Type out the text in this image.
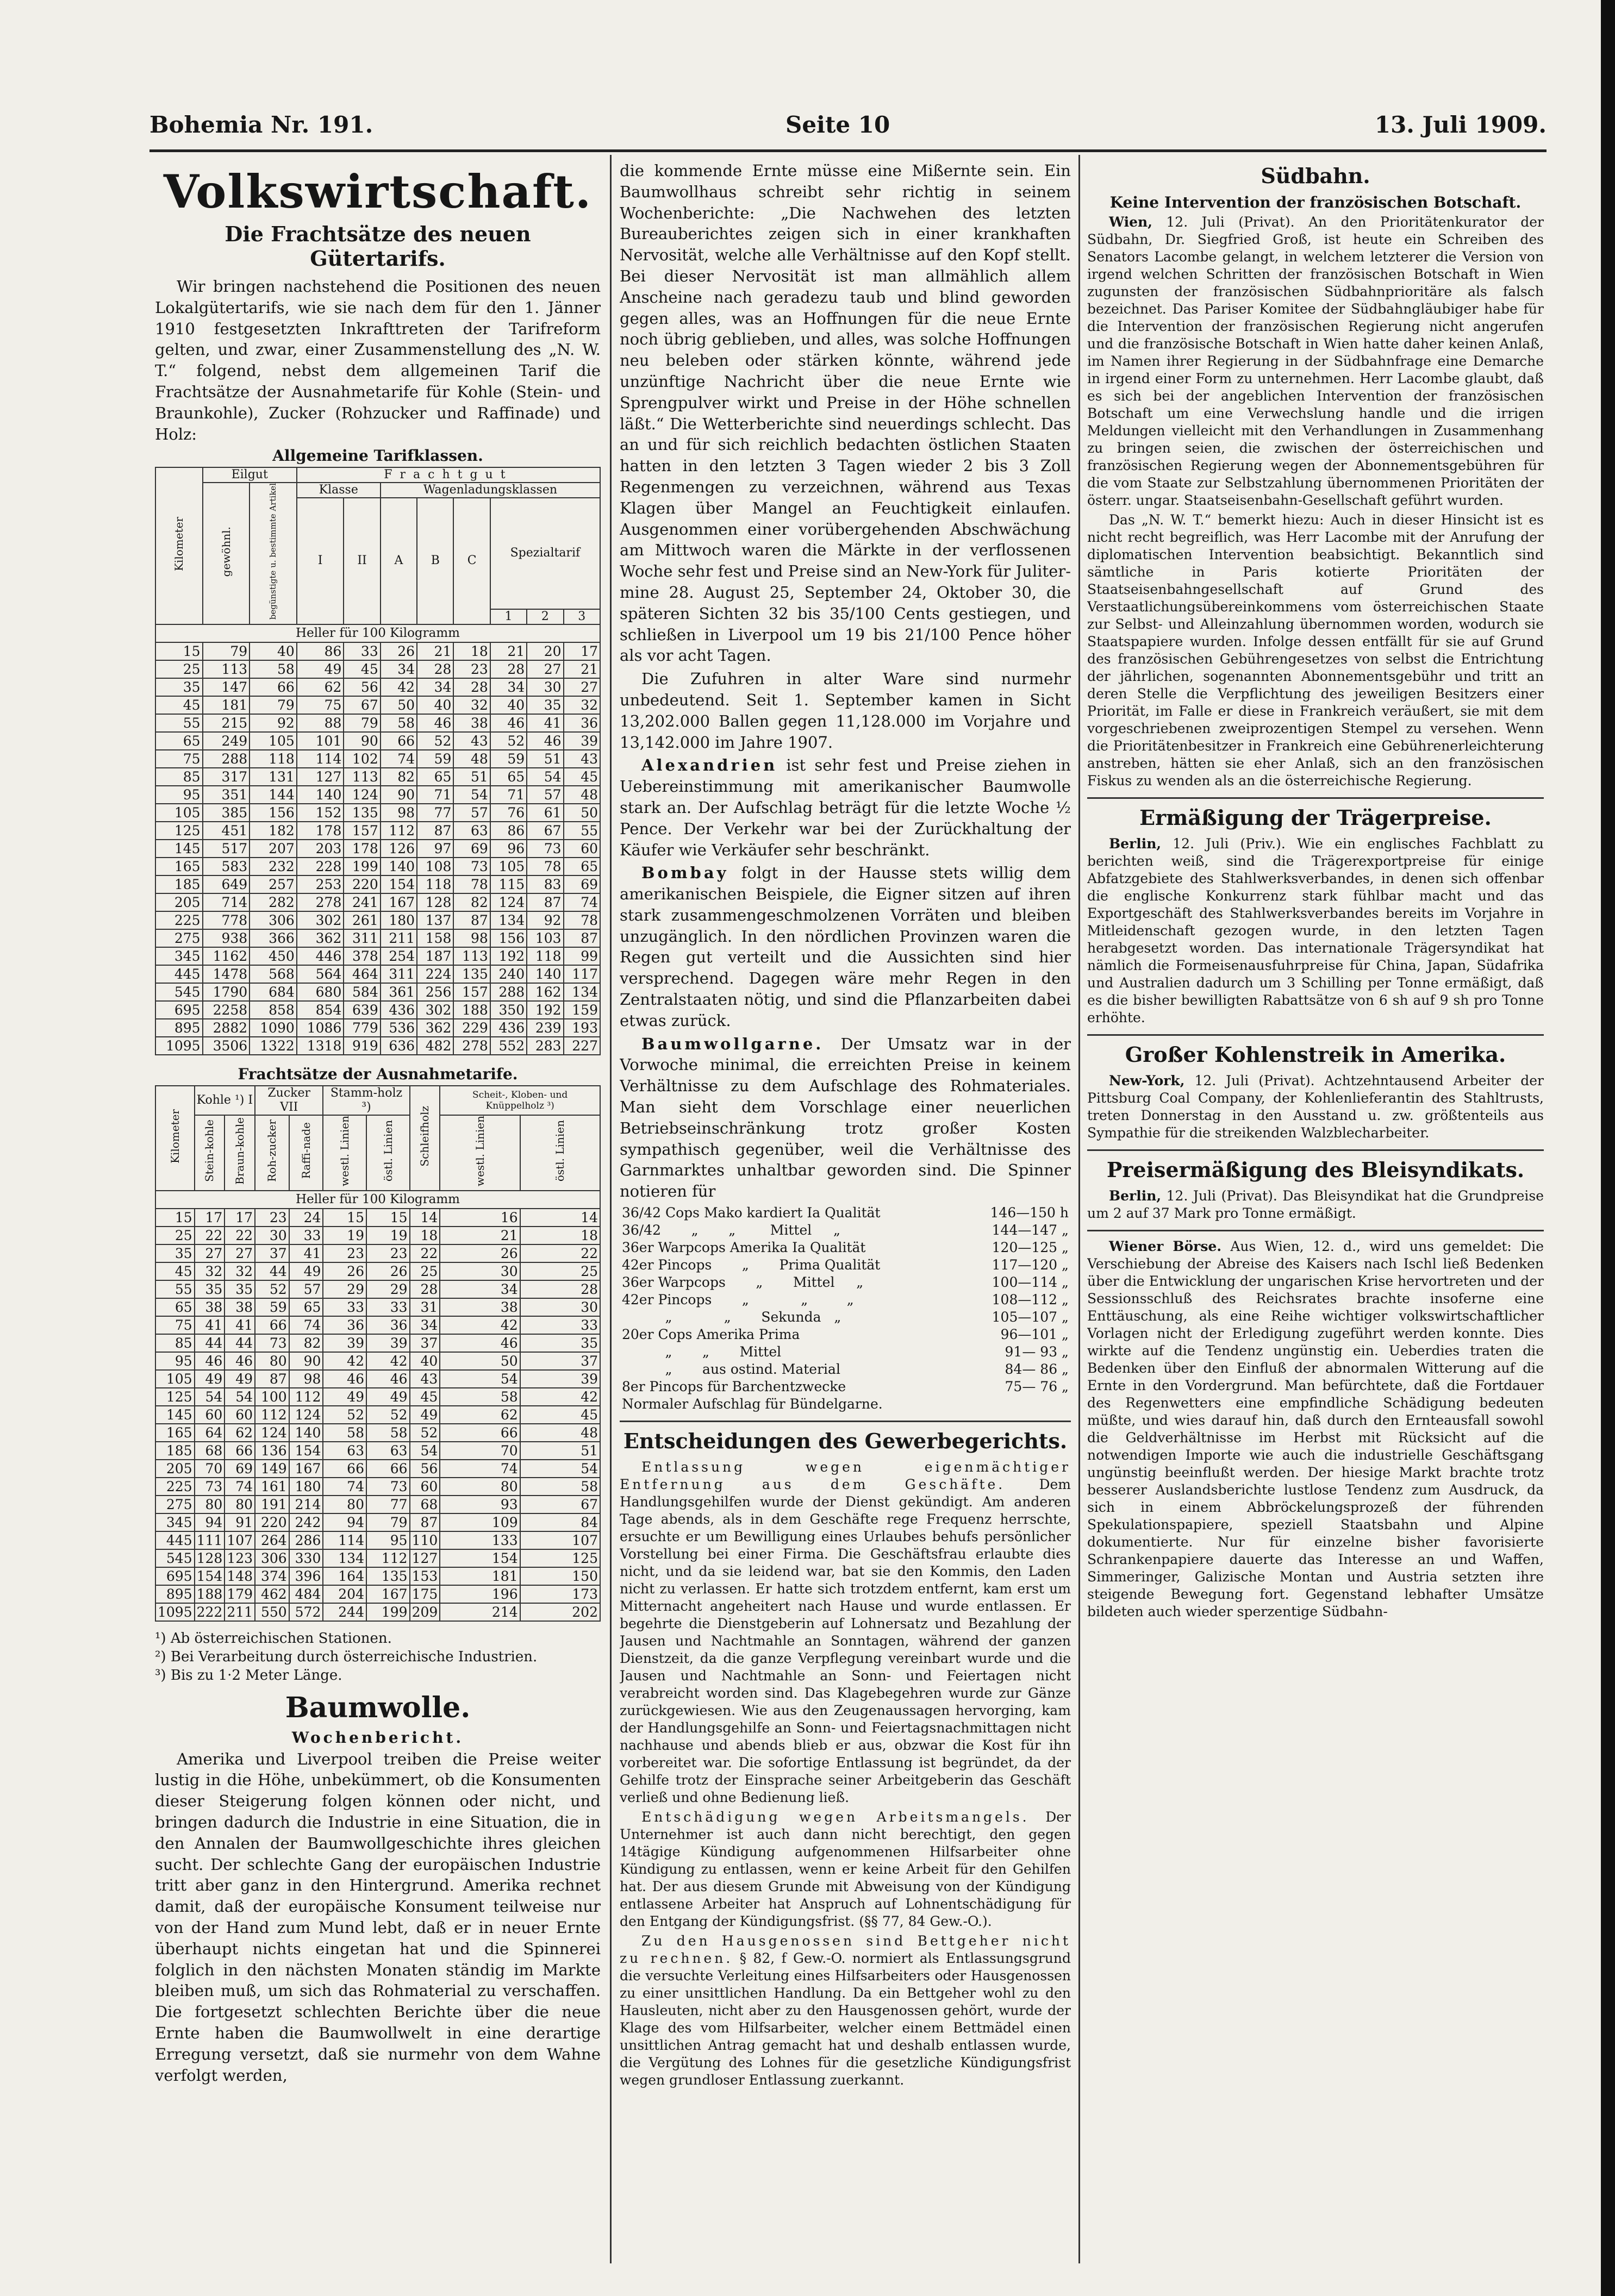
Bohemia Nr. 191.	Seite 10	13. Juli 1909.
Volkswirtschaft.
Die Frachtsätze des neuen Gütertarifs.

Wir bringen nachstehend die Positionen des neuen Lokalgütertarifs, wie sie nach dem für den 1. Jänner 1910 festgesetzten Inkrafttreten der Tarifreform gelten, und zwar, einer Zusammenstellung des „N. W. T.“ folgend, nebst dem allgemeinen Tarif die Frachtsätze der Ausnahmetarife für Kohle (Stein- und Braunkohle), Zucker (Rohzucker und Raffinade) und Holz:

Allgemeine Tarifklassen.
Kilometer	Eilgut		Frachtgut							
	gewöhnl.	begünstigte u. bestimmte Artikel	Klasse		Wagenladungsklassen					
			I	II	A	B	C	Spezialtarif		
								1	2	3
Heller für 100 Kilogramm										
15	79	40	86	33	26	21	18	21	20	17
25	113	58	49	45	34	28	23	28	27	21
35	147	66	62	56	42	34	28	34	30	27
45	181	79	75	67	50	40	32	40	35	32
55	215	92	88	79	58	46	38	46	41	36
65	249	105	101	90	66	52	43	52	46	39
75	288	118	114	102	74	59	48	59	51	43
85	317	131	127	113	82	65	51	65	54	45
95	351	144	140	124	90	71	54	71	57	48
105	385	156	152	135	98	77	57	76	61	50
125	451	182	178	157	112	87	63	86	67	55
145	517	207	203	178	126	97	69	96	73	60
165	583	232	228	199	140	108	73	105	78	65
185	649	257	253	220	154	118	78	115	83	69
205	714	282	278	241	167	128	82	124	87	74
225	778	306	302	261	180	137	87	134	92	78
275	938	366	362	311	211	158	98	156	103	87
345	1162	450	446	378	254	187	113	192	118	99
445	1478	568	564	464	311	224	135	240	140	117
545	1790	684	680	584	361	256	157	288	162	134
695	2258	858	854	639	436	302	188	350	192	159
895	2882	1090	1086	779	536	362	229	436	239	193
1095	3506	1322	1318	919	636	482	278	552	283	227
Frachtsätze der Ausnahmetarife.
Kilometer	Kohle ¹) I		Zucker VII		Stamm-holz ³)		Schleifholz	Scheit-, Kloben- und Knüppelholz ³)	
	Stein-kohle	Braun-kohle	Roh-zucker	Raffi-nade	westl. Linien	östl. Linien		westl. Linien	östl. Linien
Heller für 100 Kilogramm									
15	17	17	23	24	15	15	14	16	14
25	22	22	30	33	19	19	18	21	18
35	27	27	37	41	23	23	22	26	22
45	32	32	44	49	26	26	25	30	25
55	35	35	52	57	29	29	28	34	28
65	38	38	59	65	33	33	31	38	30
75	41	41	66	74	36	36	34	42	33
85	44	44	73	82	39	39	37	46	35
95	46	46	80	90	42	42	40	50	37
105	49	49	87	98	46	46	43	54	39
125	54	54	100	112	49	49	45	58	42
145	60	60	112	124	52	52	49	62	45
165	64	62	124	140	58	58	52	66	48
185	68	66	136	154	63	63	54	70	51
205	70	69	149	167	66	66	56	74	54
225	73	74	161	180	74	73	60	80	58
275	80	80	191	214	80	77	68	93	67
345	94	91	220	242	94	79	87	109	84
445	111	107	264	286	114	95	110	133	107
545	128	123	306	330	134	112	127	154	125
695	154	148	374	396	164	135	153	181	150
895	188	179	462	484	204	167	175	196	173
1095	222	211	550	572	244	199	209	214	202

¹) Ab österreichischen Stationen.

²) Bei Verarbeitung durch österreichische Industrien.

³) Bis zu 1·2 Meter Länge.

Baumwolle.
Wochenbericht.

Amerika und Liverpool treiben die Preise weiter lustig in die Höhe, unbekümmert, ob die Konsumenten dieser Steigerung folgen können oder nicht, und bringen dadurch die Industrie in eine Situation, die in den Annalen der Baumwollgeschichte ihres gleichen sucht. Der schlechte Gang der europäischen Industrie tritt aber ganz in den Hintergrund. Amerika rechnet damit, daß der europäische Konsument teilweise nur von der Hand zum Mund lebt, daß er in neuer Ernte überhaupt nichts eingetan hat und die Spinnerei folglich in den nächsten Monaten ständig im Markte bleiben muß, um sich das Rohmaterial zu verschaffen. Die fortgesetzt schlechten Berichte über die neue Ernte haben die Baumwollwelt in eine derartige Erregung versetzt, daß sie nurmehr von dem Wahne verfolgt werden,

die kommende Ernte müsse eine Mißernte sein. Ein Baumwollhaus schreibt sehr richtig in seinem Wochenberichte: „Die Nachwehen des letzten Bureauberichtes zeigen sich in einer krankhaften Nervosität, welche alle Verhältnisse auf den Kopf stellt. Bei dieser Nervosität ist man allmählich allem Anscheine nach geradezu taub und blind geworden gegen alles, was an Hoffnungen für die neue Ernte noch übrig geblieben, und alles, was solche Hoffnungen neu beleben oder stärken könnte, während jede unzünftige Nachricht über die neue Ernte wie Sprengpulver wirkt und Preise in der Höhe schnellen läßt.“ Die Wetterberichte sind neuerdings schlecht. Das an und für sich reichlich bedachten östlichen Staaten hatten in den letzten 3 Tagen wieder 2 bis 3 Zoll Regenmengen zu verzeichnen, während aus Texas Klagen über Mangel an Feuchtigkeit einlaufen. Ausgenommen einer vorübergehenden Abschwächung am Mittwoch waren die Märkte in der verflossenen Woche sehr fest und Preise sind an New-York für Julitermine 28. August 25, September 24, Oktober 30, die späteren Sichten 32 bis 35/100 Cents gestiegen, und schließen in Liverpool um 19 bis 21/100 Pence höher als vor acht Tagen.

Die Zufuhren in alter Ware sind nurmehr unbedeutend. Seit 1. September kamen in Sicht 13,202.000 Ballen gegen 11,128.000 im Vorjahre und 13,142.000 im Jahre 1907.

Alexandrien ist sehr fest und Preise ziehen in Uebereinstimmung mit amerikanischer Baumwolle stark an. Der Aufschlag beträgt für die letzte Woche ½ Pence. Der Verkehr war bei der Zurückhaltung der Käufer wie Verkäufer sehr beschränkt.

Bombay folgt in der Hausse stets willig dem amerikanischen Beispiele, die Eigner sitzen auf ihren stark zusammengeschmolzenen Vorräten und bleiben unzugänglich. In den nördlichen Provinzen waren die Regen gut verteilt und die Aussichten sind hier versprechend. Dagegen wäre mehr Regen in den Zentralstaaten nötig, und sind die Pflanzarbeiten dabei etwas zurück.

Baumwollgarne. Der Umsatz war in der Vorwoche minimal, die erreichten Preise in keinem Verhältnisse zu dem Aufschlage des Rohmateriales. Man sieht dem Vorschlage einer neuerlichen Betriebseinschränkung trotz großer Kosten sympathisch gegenüber, weil die Verhältnisse des Garnmarktes unhaltbar geworden sind. Die Spinner notieren für

36/42 Cops Mako kardiert Ia Qualität	146—150 h
36/42       „       „        Mittel     „	144—147 „
36er Warpcops Amerika Ia Qualität	120—125 „
42er Pincops       „       Prima Qualität	117—120 „
36er Warpcops       „       Mittel     „	100—114 „
42er Pincops       „            „         „	108—112 „
„            „       Sekunda   „	105—107 „
20er Cops Amerika Prima	96—101 „
„       „       Mittel	91— 93 „
„       aus ostind. Material	84— 86 „
8er Pincops für Barchentzwecke	75— 76 „
Normaler Aufschlag für Bündelgarne.	
Entscheidungen des Gewerbegerichts.

Entlassung wegen eigenmächtiger Entfernung aus dem Geschäfte. Dem Handlungsgehilfen wurde der Dienst gekündigt. Am anderen Tage abends, als in dem Geschäfte rege Frequenz herrschte, ersuchte er um Bewilligung eines Urlaubes behufs persönlicher Vorstellung bei einer Firma. Die Geschäftsfrau erlaubte dies nicht, und da sie leidend war, bat sie den Kommis, den Laden nicht zu verlassen. Er hatte sich trotzdem entfernt, kam erst um Mitternacht angeheitert nach Hause und wurde entlassen. Er begehrte die Dienstgeberin auf Lohnersatz und Bezahlung der Jausen und Nachtmahle an Sonntagen, während der ganzen Dienstzeit, da die ganze Verpflegung vereinbart wurde und die Jausen und Nachtmahle an Sonn- und Feiertagen nicht verabreicht worden sind. Das Klagebegehren wurde zur Gänze zurückgewiesen. Wie aus den Zeugenaussagen hervorging, kam der Handlungsgehilfe an Sonn- und Feiertagsnachmittagen nicht nachhause und abends blieb er aus, obzwar die Kost für ihn vorbereitet war. Die sofortige Entlassung ist begründet, da der Gehilfe trotz der Einsprache seiner Arbeitgeberin das Geschäft verließ und ohne Bedienung ließ.

Entschädigung wegen Arbeitsmangels. Der Unternehmer ist auch dann nicht berechtigt, den gegen 14tägige Kündigung aufgenommenen Hilfsarbeiter ohne Kündigung zu entlassen, wenn er keine Arbeit für den Gehilfen hat. Der aus diesem Grunde mit Abweisung von der Kündigung entlassene Arbeiter hat Anspruch auf Lohnentschädigung für den Entgang der Kündigungsfrist. (§§ 77, 84 Gew.-O.).

Zu den Hausgenossen sind Bettgeher nicht zu rechnen. § 82, f Gew.-O. normiert als Entlassungsgrund die versuchte Verleitung eines Hilfsarbeiters oder Hausgenossen zu einer unsittlichen Handlung. Da ein Bettgeher wohl zu den Hausleuten, nicht aber zu den Hausgenossen gehört, wurde der Klage des vom Hilfsarbeiter, welcher einem Bettmädel einen unsittlichen Antrag gemacht hat und deshalb entlassen wurde, die Vergütung des Lohnes für die gesetzliche Kündigungsfrist wegen grundloser Entlassung zuerkannt.

Südbahn.
Keine Intervention der französischen Botschaft.

Wien, 12. Juli (Privat). An den Prioritätenkurator der Südbahn, Dr. Siegfried Groß, ist heute ein Schreiben des Senators Lacombe gelangt, in welchem letzterer die Version von irgend welchen Schritten der französischen Botschaft in Wien zugunsten der französischen Südbahnprioritäre als falsch bezeichnet. Das Pariser Komitee der Südbahngläubiger habe für die Intervention der französischen Regierung nicht angerufen und die französische Botschaft in Wien hatte daher keinen Anlaß, im Namen ihrer Regierung in der Südbahnfrage eine Demarche in irgend einer Form zu unternehmen. Herr Lacombe glaubt, daß es sich bei der angeblichen Intervention der französischen Botschaft um eine Verwechslung handle und die irrigen Meldungen vielleicht mit den Verhandlungen in Zusammenhang zu bringen seien, die zwischen der österreichischen und französischen Regierung wegen der Abonnementsgebühren für die vom Staate zur Selbstzahlung übernommenen Prioritäten der österr. ungar. Staatseisenbahn-Gesellschaft geführt wurden.

Das „N. W. T.“ bemerkt hiezu: Auch in dieser Hinsicht ist es nicht recht begreiflich, was Herr Lacombe mit der Anrufung der diplomatischen Intervention beabsichtigt. Bekanntlich sind sämtliche in Paris kotierte Prioritäten der Staatseisenbahngesellschaft auf Grund des Verstaatlichungsübereinkommens vom österreichischen Staate zur Selbst- und Alleinzahlung übernommen worden, wodurch sie Staatspapiere wurden. Infolge dessen entfällt für sie auf Grund des französischen Gebührengesetzes von selbst die Entrichtung der jährlichen, sogenannten Abonnementsgebühr und tritt an deren Stelle die Verpflichtung des jeweiligen Besitzers einer Priorität, im Falle er diese in Frankreich veräußert, sie mit dem vorgeschriebenen zweiprozentigen Stempel zu versehen. Wenn die Prioritätenbesitzer in Frankreich eine Gebührenerleichterung anstreben, hätten sie eher Anlaß, sich an den französischen Fiskus zu wenden als an die österreichische Regierung.

Ermäßigung der Trägerpreise.

Berlin, 12. Juli (Priv.). Wie ein englisches Fachblatt zu berichten weiß, sind die Trägerexportpreise für einige Abfatzgebiete des Stahlwerksverbandes, in denen sich offenbar die englische Konkurrenz stark fühlbar macht und das Exportgeschäft des Stahlwerksverbandes bereits im Vorjahre in Mitleidenschaft gezogen wurde, in den letzten Tagen herabgesetzt worden. Das internationale Trägersyndikat hat nämlich die Formeisenausfuhrpreise für China, Japan, Südafrika und Australien dadurch um 3 Schilling per Tonne ermäßigt, daß es die bisher bewilligten Rabattsätze von 6 sh auf 9 sh pro Tonne erhöhte.

Großer Kohlenstreik in Amerika.

New-York, 12. Juli (Privat). Achtzehntausend Arbeiter der Pittsburg Coal Company, der Kohlenlieferantin des Stahltrusts, treten Donnerstag in den Ausstand u. zw. größtenteils aus Sympathie für die streikenden Walzblecharbeiter.

Preisermäßigung des Bleisyndikats.

Berlin, 12. Juli (Privat). Das Bleisyndikat hat die Grundpreise um 2 auf 37 Mark pro Tonne ermäßigt.

Wiener Börse. Aus Wien, 12. d., wird uns gemeldet: Die Verschiebung der Abreise des Kaisers nach Ischl ließ Bedenken über die Entwicklung der ungarischen Krise hervortreten und der Sessionsschluß des Reichsrates brachte insoferne eine Enttäuschung, als eine Reihe wichtiger volkswirtschaftlicher Vorlagen nicht der Erledigung zugeführt werden konnte. Dies wirkte auf die Tendenz ungünstig ein. Ueberdies traten die Bedenken über den Einfluß der abnormalen Witterung auf die Ernte in den Vordergrund. Man befürchtete, daß die Fortdauer des Regenwetters eine empfindliche Schädigung bedeuten müßte, und wies darauf hin, daß durch den Ernteausfall sowohl die Geldverhältnisse im Herbst mit Rücksicht auf die notwendigen Importe wie auch die industrielle Geschäftsgang ungünstig beeinflußt werden. Der hiesige Markt brachte trotz besserer Auslandsberichte lustlose Tendenz zum Ausdruck, da sich in einem Abbröckelungsprozeß der führenden Spekulationspapiere, speziell Staatsbahn und Alpine dokumentierte. Nur für einzelne bisher favorisierte Schrankenpapiere dauerte das Interesse an und Waffen, Simmeringer, Galizische Montan und Austria setzten ihre steigende Bewegung fort. Gegenstand lebhafter Umsätze bildeten auch wieder sperzentige Südbahn-
